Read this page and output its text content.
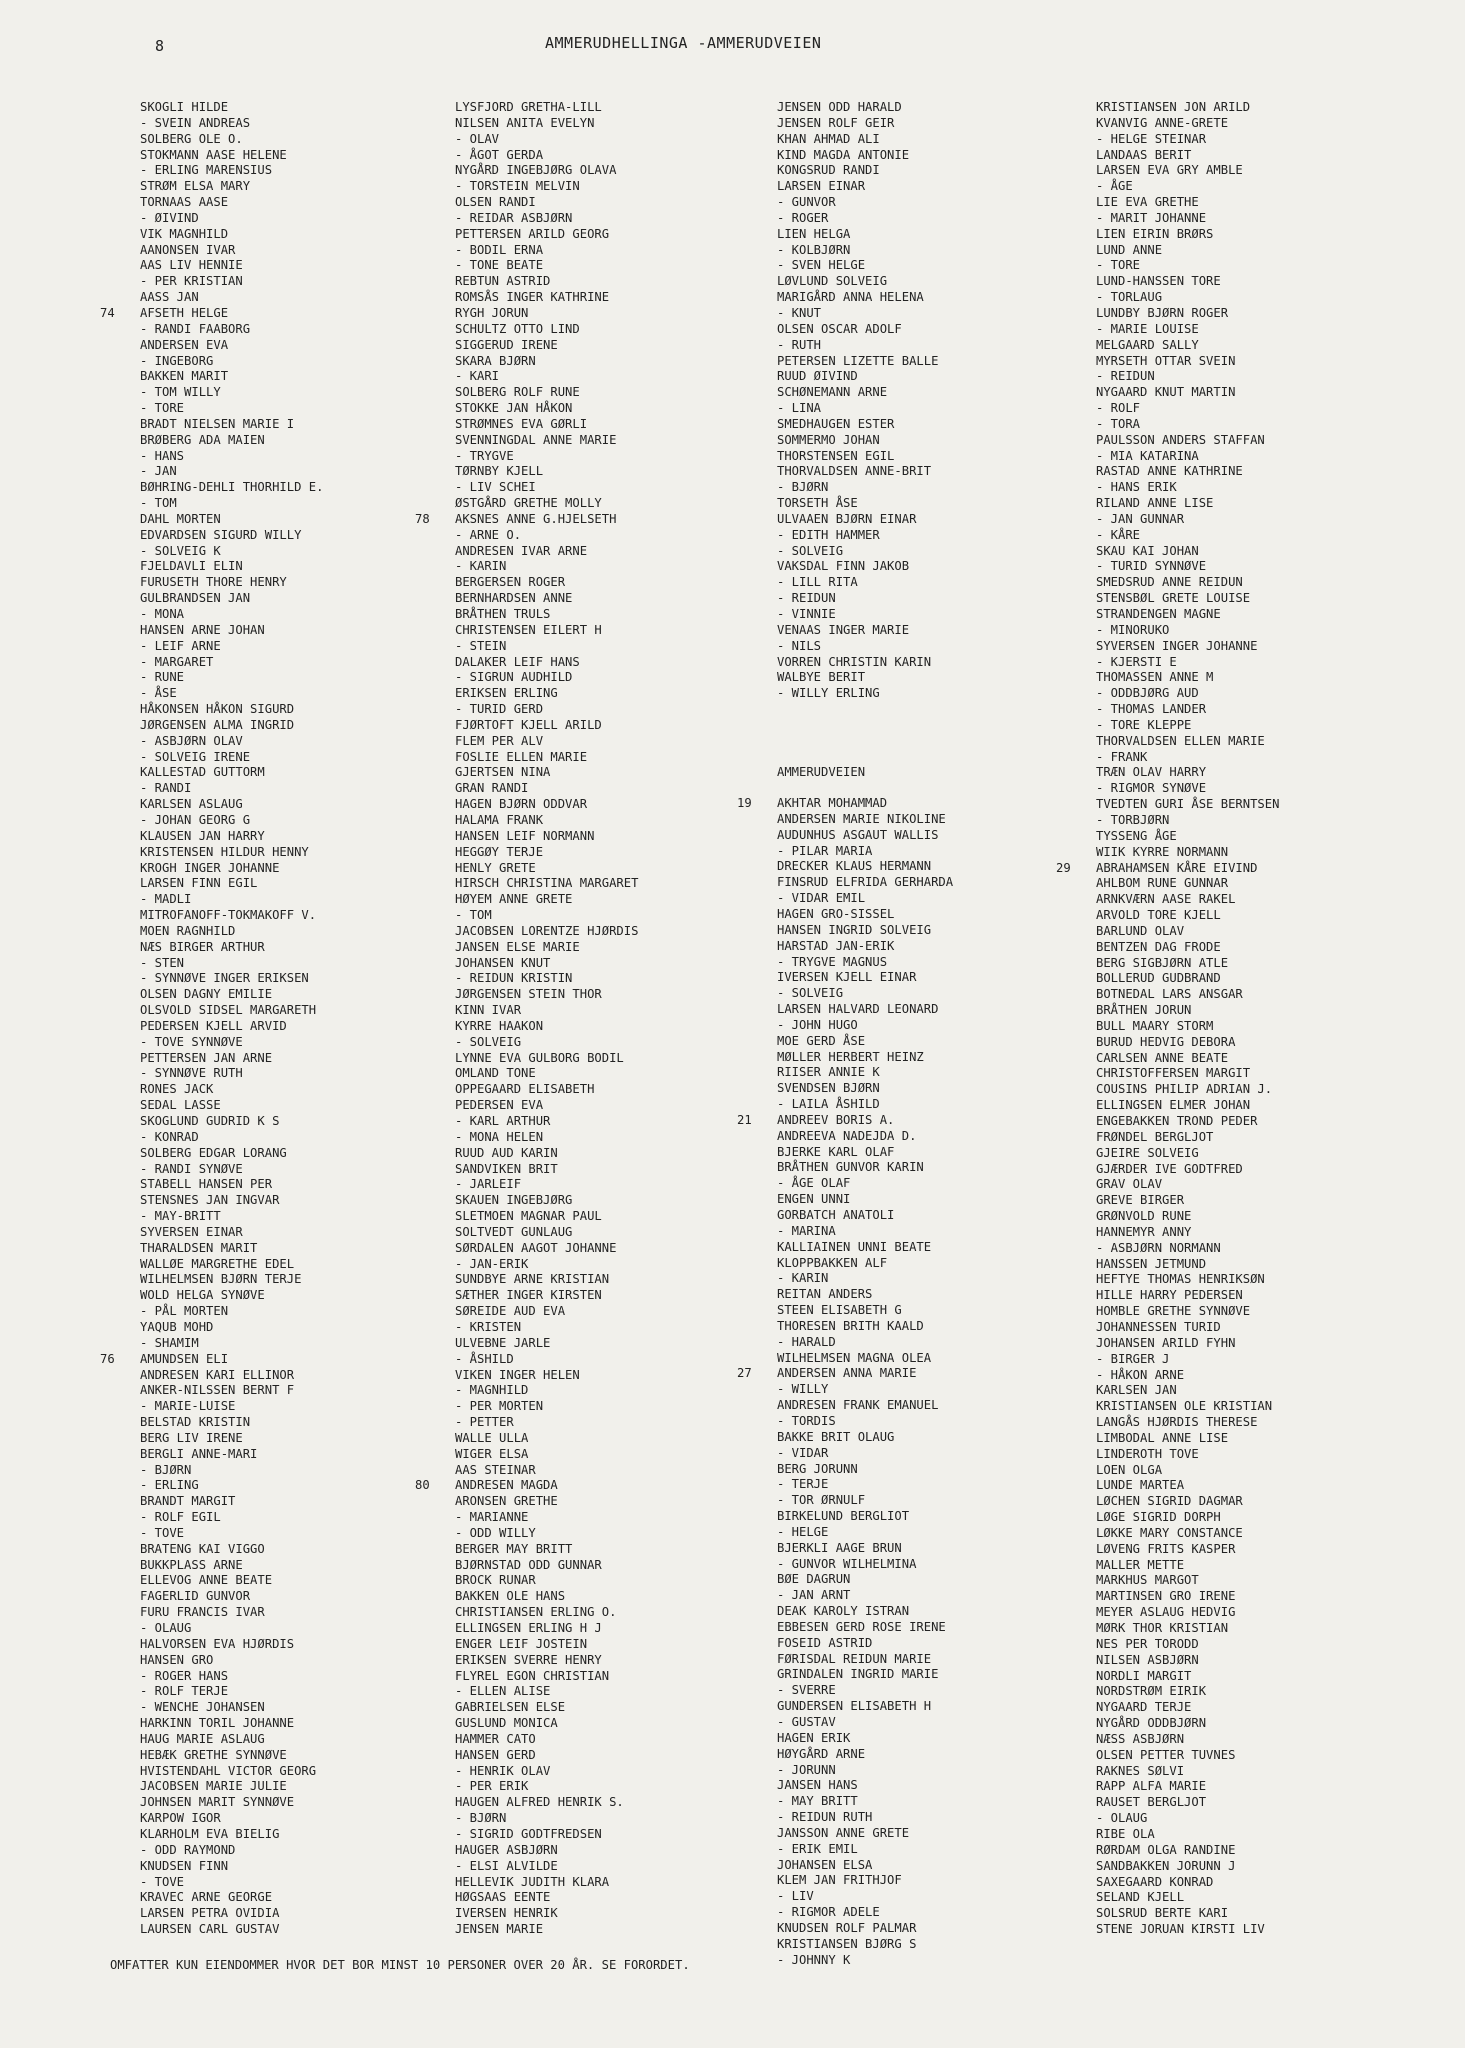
8	AMMERUDHELLINGA -AMMERUDVEIEN
SKOGLI HILDE
- SVEIN ANDREAS
SOLBERG OLE O.
STOKMANN AASE HELENE
- ERLING MARENSIUS
STRØM ELSA MARY
TORNAAS AASE
- ØIVIND
VIK MAGNHILD
AANONSEN IVAR
AAS LIV HENNIE
- PER KRISTIAN
AASS JAN
74 AFSETH HELGE
- RANDI FAABORG
ANDERSEN EVA
- INGEBORG
BAKKEN MARIT
- TOM WILLY
- TORE
BRADT NIELSEN MARIE I
BRØBERG ADA MAIEN
- HANS
- JAN
BØHRING-DEHLI THORHILD E.
- TOM
DAHL MORTEN
EDVARDSEN SIGURD WILLY
- SOLVEIG K
FJELDAVLI ELIN
FURUSETH THORE HENRY
GULBRANDSEN JAN
- MONA
HANSEN ARNE JOHAN
- LEIF ARNE
- MARGARET
- RUNE
- ÅSE
HÅKONSEN HÅKON SIGURD
JØRGENSEN ALMA INGRID
- ASBJØRN OLAV
- SOLVEIG IRENE
KALLESTAD GUTTORM
- RANDI
KARLSEN ASLAUG
- JOHAN GEORG G
KLAUSEN JAN HARRY
KRISTENSEN HILDUR HENNY
KROGH INGER JOHANNE
LARSEN FINN EGIL
- MADLI
MITROFANOFF-TOKMAKOFF V.
MOEN RAGNHILD
NÆS BIRGER ARTHUR
- STEN
- SYNNØVE INGER ERIKSEN
OLSEN DAGNY EMILIE
OLSVOLD SIDSEL MARGARETH
PEDERSEN KJELL ARVID
- TOVE SYNNØVE
PETTERSEN JAN ARNE
- SYNNØVE RUTH
RONES JACK
SEDAL LASSE
SKOGLUND GUDRID K S
- KONRAD
SOLBERG EDGAR LORANG
- RANDI SYNØVE
STABELL HANSEN PER
STENSNES JAN INGVAR
- MAY-BRITT
SYVERSEN EINAR
THARALDSEN MARIT
WALLØE MARGRETHE EDEL
WILHELMSEN BJØRN TERJE
WOLD HELGA SYNØVE
- PÅL MORTEN
YAQUB MOHD
- SHAMIM
76 AMUNDSEN ELI
ANDRESEN KARI ELLINOR
ANKER-NILSSEN BERNT F
- MARIE-LUISE
BELSTAD KRISTIN
BERG LIV IRENE
BERGLI ANNE-MARI
- BJØRN
- ERLING
BRANDT MARGIT
- ROLF EGIL
- TOVE
BRATENG KAI VIGGO
BUKKPLASS ARNE
ELLEVOG ANNE BEATE
FAGERLID GUNVOR
FURU FRANCIS IVAR
- OLAUG
HALVORSEN EVA HJØRDIS
HANSEN GRO
- ROGER HANS
- ROLF TERJE
- WENCHE JOHANSEN
HARKINN TORIL JOHANNE
HAUG MARIE ASLAUG
HEBÆK GRETHE SYNNØVE
HVISTENDAHL VICTOR GEORG
JACOBSEN MARIE JULIE
JOHNSEN MARIT SYNNØVE
KARPOW IGOR
KLARHOLM EVA BIELIG
- ODD RAYMOND
KNUDSEN FINN
- TOVE
KRAVEC ARNE GEORGE
LARSEN PETRA OVIDIA
LAURSEN CARL GUSTAV
LYSFJORD GRETHA-LILL
NILSEN ANITA EVELYN
- OLAV
- ÅGOT GERDA
NYGÅRD INGEBJØRG OLAVA
- TORSTEIN MELVIN
OLSEN RANDI
- REIDAR ASBJØRN
PETTERSEN ARILD GEORG
- BODIL ERNA
- TONE BEATE
REBTUN ASTRID
ROMSÅS INGER KATHRINE
RYGH JORUN
SCHULTZ OTTO LIND
SIGGERUD IRENE
SKARA BJØRN
- KARI
SOLBERG ROLF RUNE
STOKKE JAN HÅKON
STRØMNES EVA GØRLI
SVENNINGDAL ANNE MARIE
- TRYGVE
TØRNBY KJELL
- LIV SCHEI
ØSTGÅRD GRETHE MOLLY
78 AKSNES ANNE G.HJELSETH
- ARNE O.
ANDRESEN IVAR ARNE
- KARIN
BERGERSEN ROGER
BERNHARDSEN ANNE
BRÅTHEN TRULS
CHRISTENSEN EILERT H
- STEIN
DALAKER LEIF HANS
- SIGRUN AUDHILD
ERIKSEN ERLING
- TURID GERD
FJØRTOFT KJELL ARILD
FLEM PER ALV
FOSLIE ELLEN MARIE
GJERTSEN NINA
GRAN RANDI
HAGEN BJØRN ODDVAR
HALAMA FRANK
HANSEN LEIF NORMANN
HEGGØY TERJE
HENLY GRETE
HIRSCH CHRISTINA MARGARET
HØYEM ANNE GRETE
- TOM
JACOBSEN LORENTZE HJØRDIS
JANSEN ELSE MARIE
JOHANSEN KNUT
- REIDUN KRISTIN
JØRGENSEN STEIN THOR
KINN IVAR
KYRRE HAAKON
- SOLVEIG
LYNNE EVA GULBORG BODIL
OMLAND TONE
OPPEGAARD ELISABETH
PEDERSEN EVA
- KARL ARTHUR
- MONA HELEN
RUUD AUD KARIN
SANDVIKEN BRIT
- JARLEIF
SKAUEN INGEBJØRG
SLETMOEN MAGNAR PAUL
SOLTVEDT GUNLAUG
SØRDALEN AAGOT JOHANNE
- JAN-ERIK
SUNDBYE ARNE KRISTIAN
SÆTHER INGER KIRSTEN
SØREIDE AUD EVA
- KRISTEN
ULVEBNE JARLE
- ÅSHILD
VIKEN INGER HELEN
- MAGNHILD
- PER MORTEN
- PETTER
WALLE ULLA
WIGER ELSA
AAS STEINAR
80 ANDRESEN MAGDA
ARONSEN GRETHE
- MARIANNE
- ODD WILLY
BERGER MAY BRITT
BJØRNSTAD ODD GUNNAR
BROCK RUNAR
BAKKEN OLE HANS
CHRISTIANSEN ERLING O.
ELLINGSEN ERLING H J
ENGER LEIF JOSTEIN
ERIKSEN SVERRE HENRY
FLYREL EGON CHRISTIAN
- ELLEN ALISE
GABRIELSEN ELSE
GUSLUND MONICA
HAMMER CATO
HANSEN GERD
- HENRIK OLAV
- PER ERIK
HAUGEN ALFRED HENRIK S.
- BJØRN
- SIGRID GODTFREDSEN
HAUGER ASBJØRN
- ELSI ALVILDE
HELLEVIK JUDITH KLARA
HØGSAAS EENTE
IVERSEN HENRIK
JENSEN MARIE
JENSEN ODD HARALD
JENSEN ROLF GEIR
KHAN AHMAD ALI
KIND MAGDA ANTONIE
KONGSRUD RANDI
LARSEN EINAR
- GUNVOR
- ROGER
LIEN HELGA
- KOLBJØRN
- SVEN HELGE
LØVLUND SOLVEIG
MARIGÅRD ANNA HELENA
- KNUT
OLSEN OSCAR ADOLF
- RUTH
PETERSEN LIZETTE BALLE
RUUD ØIVIND
SCHØNEMANN ARNE
- LINA
SMEDHAUGEN ESTER
SOMMERMO JOHAN
THORSTENSEN EGIL
THORVALDSEN ANNE-BRIT
- BJØRN
TORSETH ÅSE
ULVAAEN BJØRN EINAR
- EDITH HAMMER
- SOLVEIG
VAKSDAL FINN JAKOB
- LILL RITA
- REIDUN
- VINNIE
VENAAS INGER MARIE
- NILS
VORREN CHRISTIN KARIN
WALBYE BERIT
- WILLY ERLING
AMMERUDVEIEN
19 AKHTAR MOHAMMAD
ANDERSEN MARIE NIKOLINE
AUDUNHUS ASGAUT WALLIS
- PILAR MARIA
DRECKER KLAUS HERMANN
FINSRUD ELFRIDA GERHARDA
- VIDAR EMIL
HAGEN GRO-SISSEL
HANSEN INGRID SOLVEIG
HARSTAD JAN-ERIK
- TRYGVE MAGNUS
IVERSEN KJELL EINAR
- SOLVEIG
LARSEN HALVARD LEONARD
- JOHN HUGO
MOE GERD ÅSE
MØLLER HERBERT HEINZ
RIISER ANNIE K
SVENDSEN BJØRN
- LAILA ÅSHILD
21 ANDREEV BORIS A.
ANDREEVA NADEJDA D.
BJERKE KARL OLAF
BRÅTHEN GUNVOR KARIN
- ÅGE OLAF
ENGEN UNNI
GORBATCH ANATOLI
- MARINA
KALLIAINEN UNNI BEATE
KLOPPBAKKEN ALF
- KARIN
REITAN ANDERS
STEEN ELISABETH G
THORESEN BRITH KAALD
- HARALD
WILHELMSEN MAGNA OLEA
27 ANDERSEN ANNA MARIE
- WILLY
ANDRESEN FRANK EMANUEL
- TORDIS
BAKKE BRIT OLAUG
- VIDAR
BERG JORUNN
- TERJE
- TOR ØRNULF
BIRKELUND BERGLIOT
- HELGE
BJERKLI AAGE BRUN
- GUNVOR WILHELMINA
BØE DAGRUN
- JAN ARNT
DEAK KAROLY ISTRAN
EBBESEN GERD ROSE IRENE
FOSEID ASTRID
FØRISDAL REIDUN MARIE
GRINDALEN INGRID MARIE
- SVERRE
GUNDERSEN ELISABETH H
- GUSTAV
HAGEN ERIK
HØYGÅRD ARNE
- JORUNN
JANSEN HANS
- MAY BRITT
- REIDUN RUTH
JANSSON ANNE GRETE
- ERIK EMIL
JOHANSEN ELSA
KLEM JAN FRITHJOF
- LIV
- RIGMOR ADELE
KNUDSEN ROLF PALMAR
KRISTIANSEN BJØRG S
- JOHNNY K
KRISTIANSEN JON ARILD
KVANVIG ANNE-GRETE
- HELGE STEINAR
LANDAAS BERIT
LARSEN EVA GRY AMBLE
- ÅGE
LIE EVA GRETHE
- MARIT JOHANNE
LIEN EIRIN BRØRS
LUND ANNE
- TORE
LUND-HANSSEN TORE
- TORLAUG
LUNDBY BJØRN ROGER
- MARIE LOUISE
MELGAARD SALLY
MYRSETH OTTAR SVEIN
- REIDUN
NYGAARD KNUT MARTIN
- ROLF
- TORA
PAULSSON ANDERS STAFFAN
- MIA KATARINA
RASTAD ANNE KATHRINE
- HANS ERIK
RILAND ANNE LISE
- JAN GUNNAR
- KÅRE
SKAU KAI JOHAN
- TURID SYNNØVE
SMEDSRUD ANNE REIDUN
STENSBØL GRETE LOUISE
STRANDENGEN MAGNE
- MINORUKO
SYVERSEN INGER JOHANNE
- KJERSTI E
THOMASSEN ANNE M
- ODDBJØRG AUD
- THOMAS LANDER
- TORE KLEPPE
THORVALDSEN ELLEN MARIE
- FRANK
TRÆN OLAV HARRY
- RIGMOR SYNØVE
TVEDTEN GURI ÅSE BERNTSEN
- TORBJØRN
TYSSENG ÅGE
WIIK KYRRE NORMANN
29 ABRAHAMSEN KÅRE EIVIND
AHLBOM RUNE GUNNAR
ARNKVÆRN AASE RAKEL
ARVOLD TORE KJELL
BARLUND OLAV
BENTZEN DAG FRODE
BERG SIGBJØRN ATLE
BOLLERUD GUDBRAND
BOTNEDAL LARS ANSGAR
BRÅTHEN JORUN
BULL MAARY STORM
BURUD HEDVIG DEBORA
CARLSEN ANNE BEATE
CHRISTOFFERSEN MARGIT
COUSINS PHILIP ADRIAN J.
ELLINGSEN ELMER JOHAN
ENGEBAKKEN TROND PEDER
FRØNDEL BERGLJOT
GJEIRE SOLVEIG
GJÆRDER IVE GODTFRED
GRAV OLAV
GREVE BIRGER
GRØNVOLD RUNE
HANNEMYR ANNY
- ASBJØRN NORMANN
HANSSEN JETMUND
HEFTYE THOMAS HENRIKSØN
HILLE HARRY PEDERSEN
HOMBLE GRETHE SYNNØVE
JOHANNESSEN TURID
JOHANSEN ARILD FYHN
- BIRGER J
- HÅKON ARNE
KARLSEN JAN
KRISTIANSEN OLE KRISTIAN
LANGÅS HJØRDIS THERESE
LIMBODAL ANNE LISE
LINDEROTH TOVE
LOEN OLGA
LUNDE MARTEA
LØCHEN SIGRID DAGMAR
LØGE SIGRID DORPH
LØKKE MARY CONSTANCE
LØVENG FRITS KASPER
MALLER METTE
MARKHUS MARGOT
MARTINSEN GRO IRENE
MEYER ASLAUG HEDVIG
MØRK THOR KRISTIAN
NES PER TORODD
NILSEN ASBJØRN
NORDLI MARGIT
NORDSTRØM EIRIK
NYGAARD TERJE
NYGÅRD ODDBJØRN
NÆSS ASBJØRN
OLSEN PETTER TUVNES
RAKNES SØLVI
RAPP ALFA MARIE
RAUSET BERGLJOT
- OLAUG
RIBE OLA
RØRDAM OLGA RANDINE
SANDBAKKEN JORUNN J
SAXEGAARD KONRAD
SELAND KJELL
SOLSRUD BERTE KARI
STENE JORUAN KIRSTI LIV
OMFATTER KUN EIENDOMMER HVOR DET BOR MINST 10 PERSONER OVER 20 ÅR. SE FORORDET.
